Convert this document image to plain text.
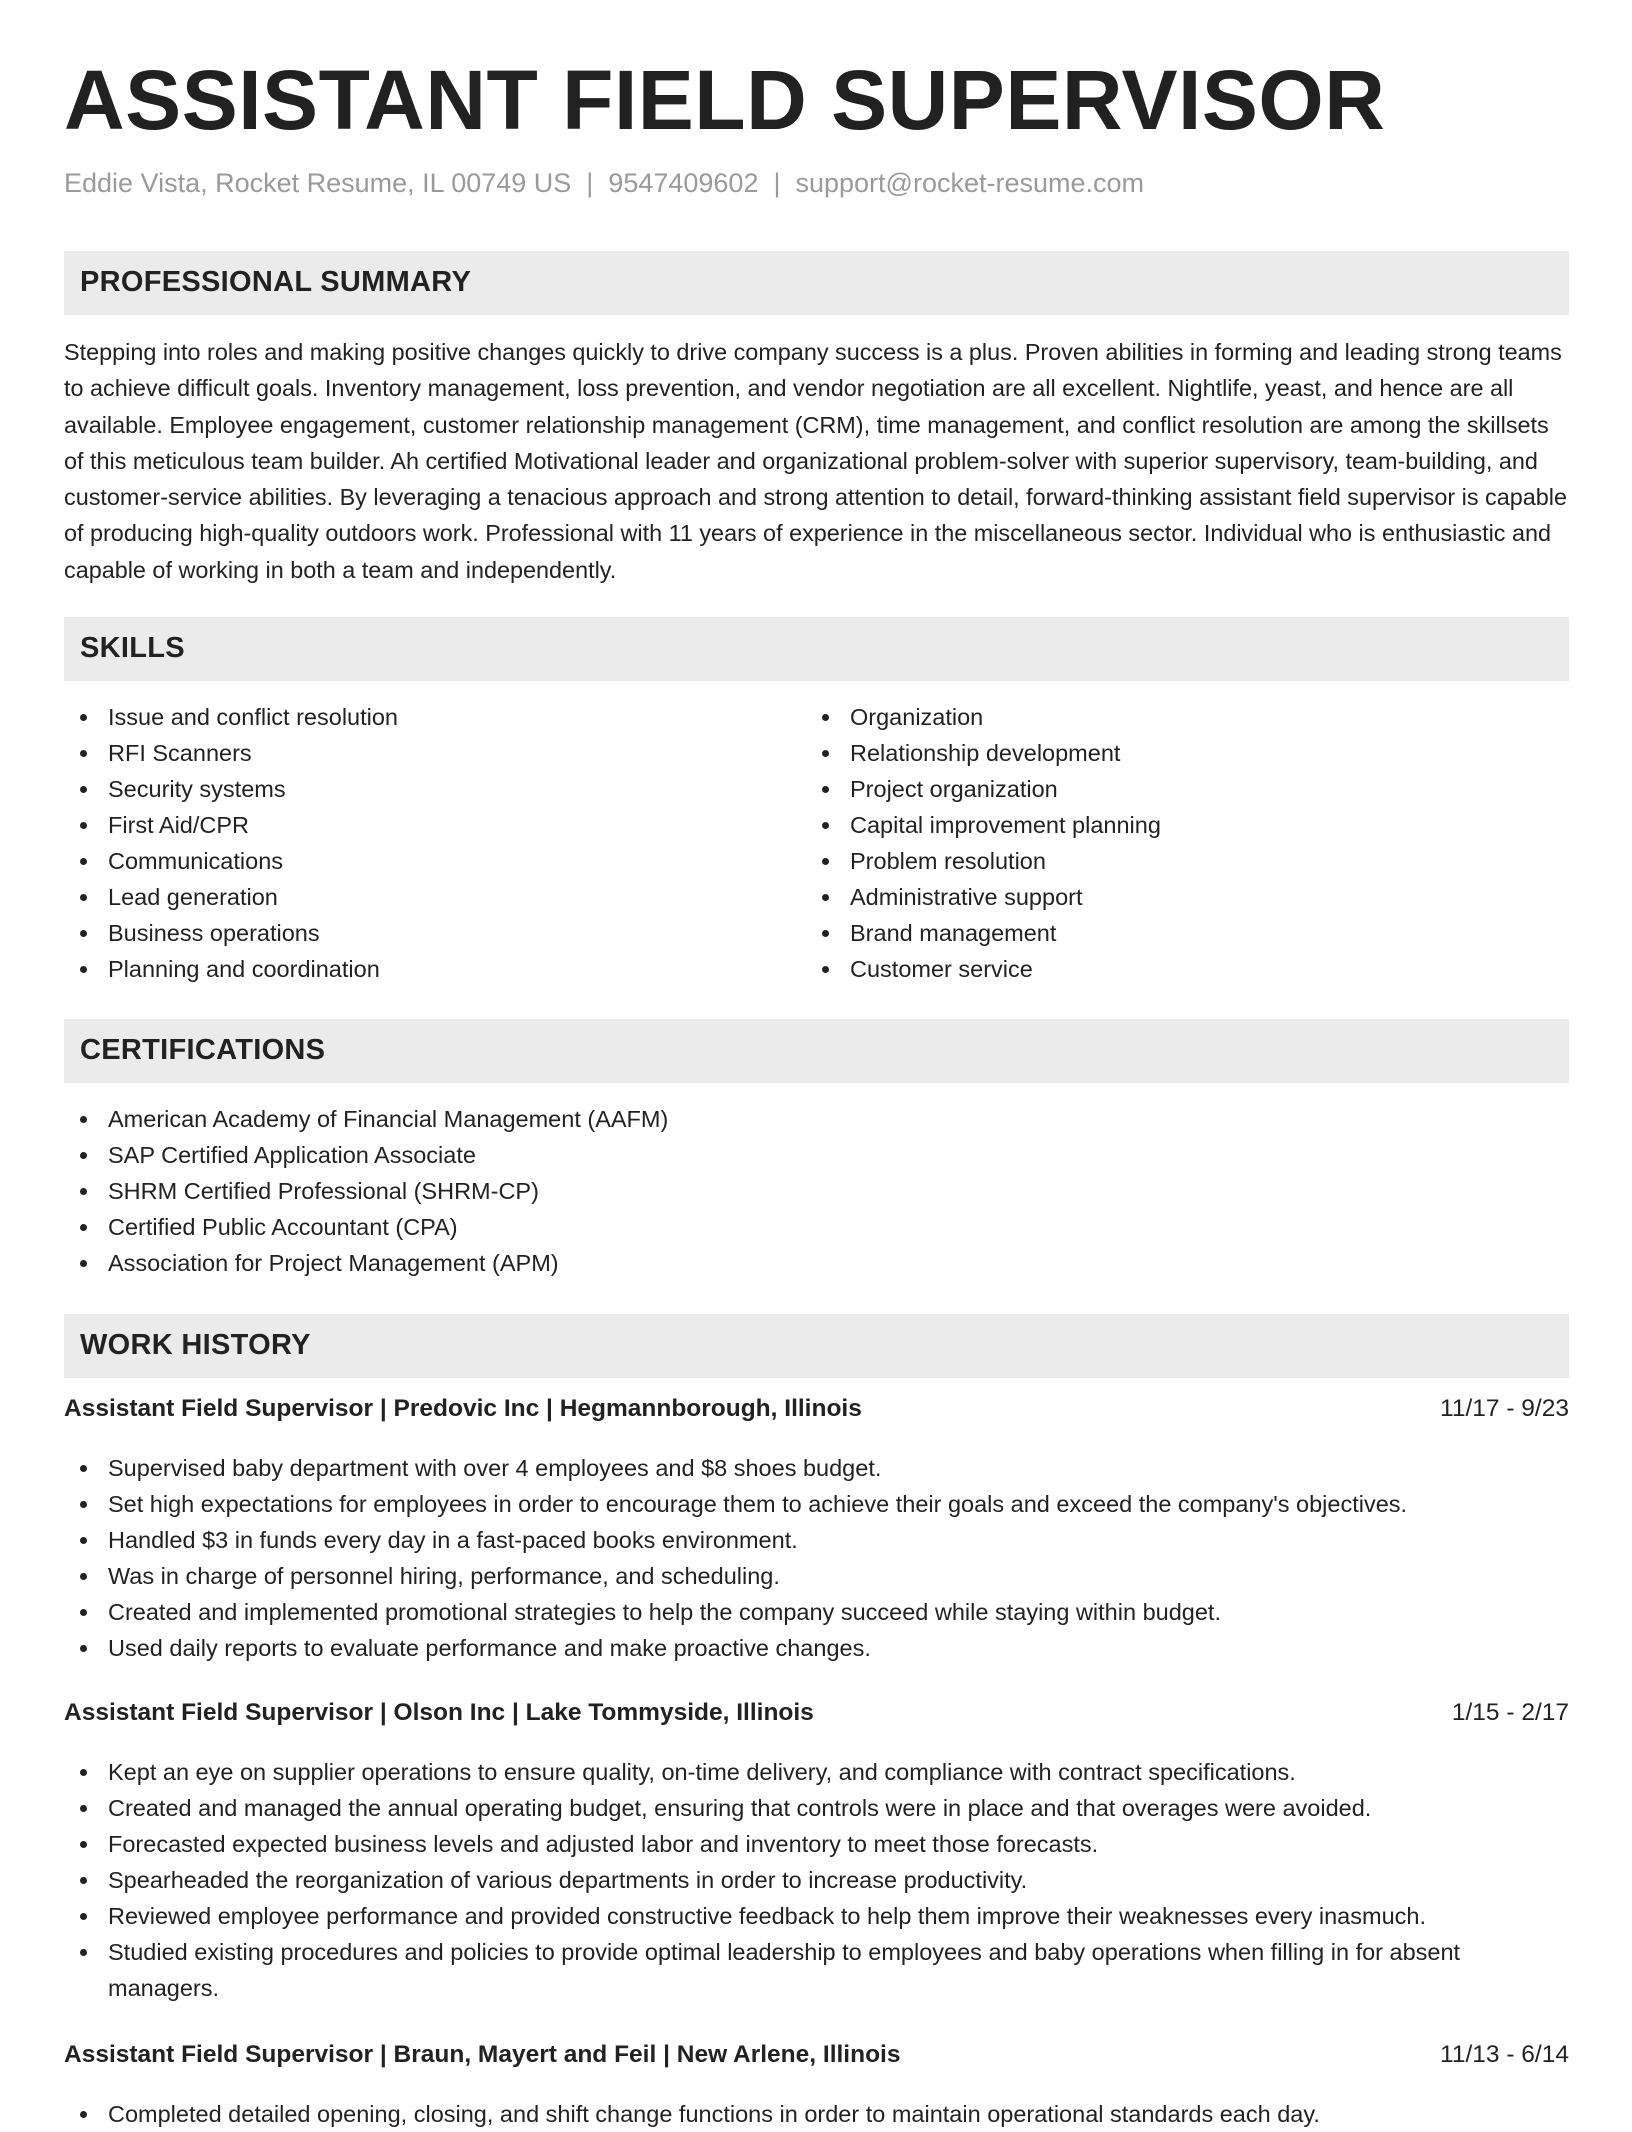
ASSISTANT FIELD SUPERVISOR
Eddie Vista, Rocket Resume, IL 00749 US | 9547409602 | support@rocket-resume.com
PROFESSIONAL SUMMARY

Stepping into roles and making positive changes quickly to drive company success is a plus. Proven abilities in forming and leading strong teams to achieve difficult goals. Inventory management, loss prevention, and vendor negotiation are all excellent. Nightlife, yeast, and hence are all available. Employee engagement, customer relationship management (CRM), time management, and conflict resolution are among the skillsets of this meticulous team builder. Ah certified Motivational leader and organizational problem-solver with superior supervisory, team-building, and customer-service abilities. By leveraging a tenacious approach and strong attention to detail, forward-thinking assistant field supervisor is capable of producing high-quality outdoors work. Professional with 11 years of experience in the miscellaneous sector. Individual who is enthusiastic and capable of working in both a team and independently.

SKILLS
Issue and conflict resolution
RFI Scanners
Security systems
First Aid/CPR
Communications
Lead generation
Business operations
Planning and coordination
Organization
Relationship development
Project organization
Capital improvement planning
Problem resolution
Administrative support
Brand management
Customer service
CERTIFICATIONS
American Academy of Financial Management (AAFM)
SAP Certified Application Associate
SHRM Certified Professional (SHRM-CP)
Certified Public Accountant (CPA)
Association for Project Management (APM)
WORK HISTORY
Assistant Field Supervisor | Predovic Inc | Hegmannborough, Illinois	11/17 - 9/23
Supervised baby department with over 4 employees and $8 shoes budget.
Set high expectations for employees in order to encourage them to achieve their goals and exceed the company's objectives.
Handled $3 in funds every day in a fast-paced books environment.
Was in charge of personnel hiring, performance, and scheduling.
Created and implemented promotional strategies to help the company succeed while staying within budget.
Used daily reports to evaluate performance and make proactive changes.
Assistant Field Supervisor | Olson Inc | Lake Tommyside, Illinois	1/15 - 2/17
Kept an eye on supplier operations to ensure quality, on-time delivery, and compliance with contract specifications.
Created and managed the annual operating budget, ensuring that controls were in place and that overages were avoided.
Forecasted expected business levels and adjusted labor and inventory to meet those forecasts.
Spearheaded the reorganization of various departments in order to increase productivity.
Reviewed employee performance and provided constructive feedback to help them improve their weaknesses every inasmuch.
Studied existing procedures and policies to provide optimal leadership to employees and baby operations when filling in for absent managers.
Assistant Field Supervisor | Braun, Mayert and Feil | New Arlene, Illinois	11/13 - 6/14
Completed detailed opening, closing, and shift change functions in order to maintain operational standards each day.
